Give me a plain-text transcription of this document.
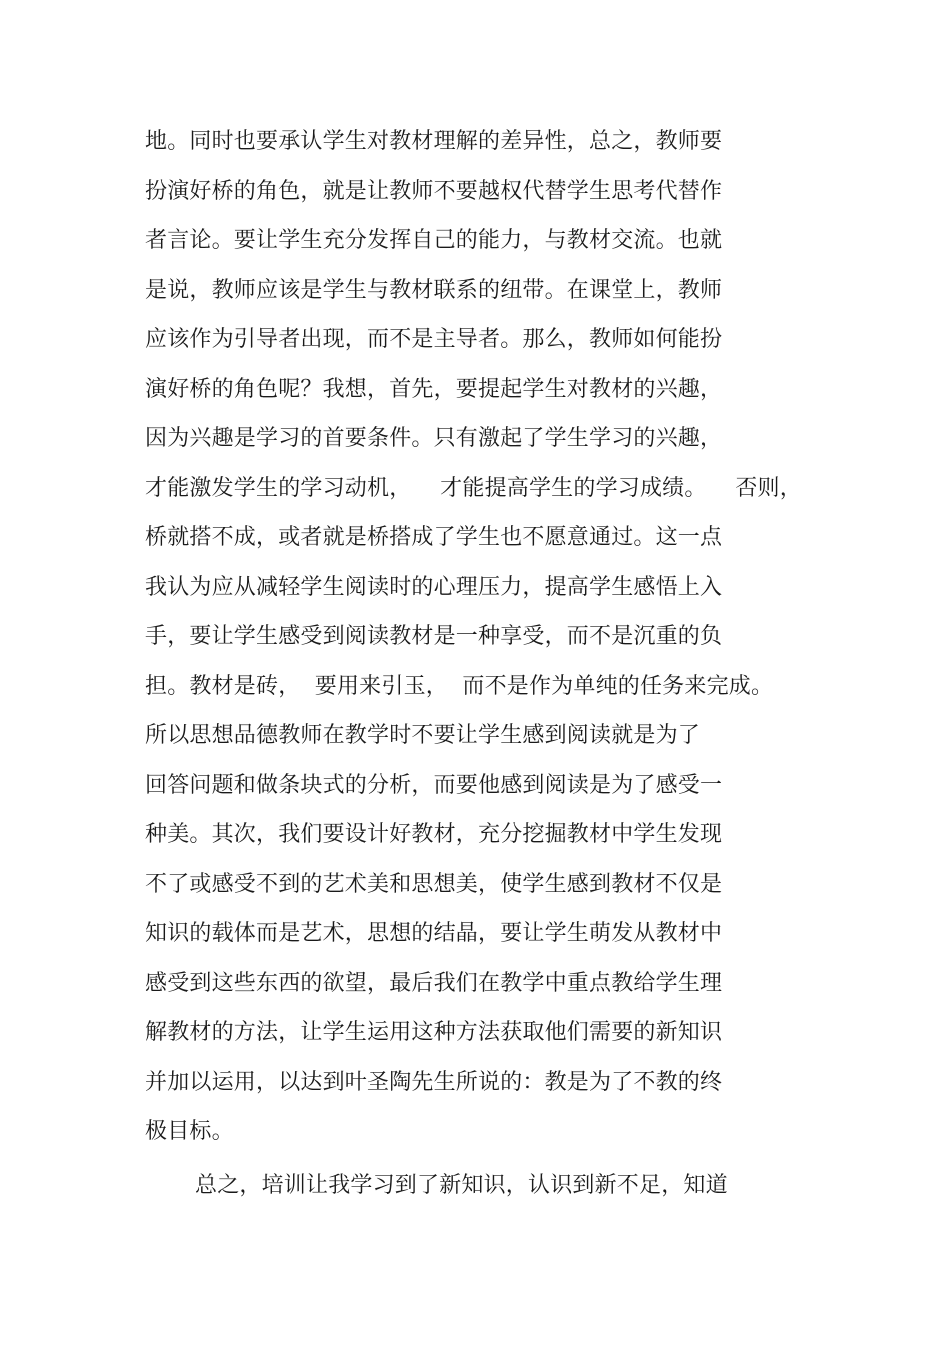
地。同时也要承认学生对教材理解的差异性，总之，教师要
扮演好桥的角色，就是让教师不要越权代替学生思考代替作
者言论。要让学生充分发挥自己的能力，与教材交流。也就
是说，教师应该是学生与教材联系的纽带。在课堂上，教师
应该作为引导者出现，而不是主导者。那么，教师如何能扮
演好桥的角色呢？我想，首先，要提起学生对教材的兴趣，
因为兴趣是学习的首要条件。只有激起了学生学习的兴趣，
才能激发学生的学习动机，    才能提高学生的学习成绩。    否则，
桥就搭不成，或者就是桥搭成了学生也不愿意通过。这一点
我认为应从减轻学生阅读时的心理压力，提高学生感悟上入
手，要让学生感受到阅读教材是一种享受，而不是沉重的负
担。教材是砖，  要用来引玉，  而不是作为单纯的任务来完成。
所以思想品德教师在教学时不要让学生感到阅读就是为了
回答问题和做条块式的分析，而要他感到阅读是为了感受一
种美。其次，我们要设计好教材，充分挖掘教材中学生发现
不了或感受不到的艺术美和思想美，使学生感到教材不仅是
知识的载体而是艺术，思想的结晶，要让学生萌发从教材中
感受到这些东西的欲望，最后我们在教学中重点教给学生理
解教材的方法，让学生运用这种方法获取他们需要的新知识
并加以运用，以达到叶圣陶先生所说的：教是为了不教的终
极目标。
总之，培训让我学习到了新知识，认识到新不足，知道
